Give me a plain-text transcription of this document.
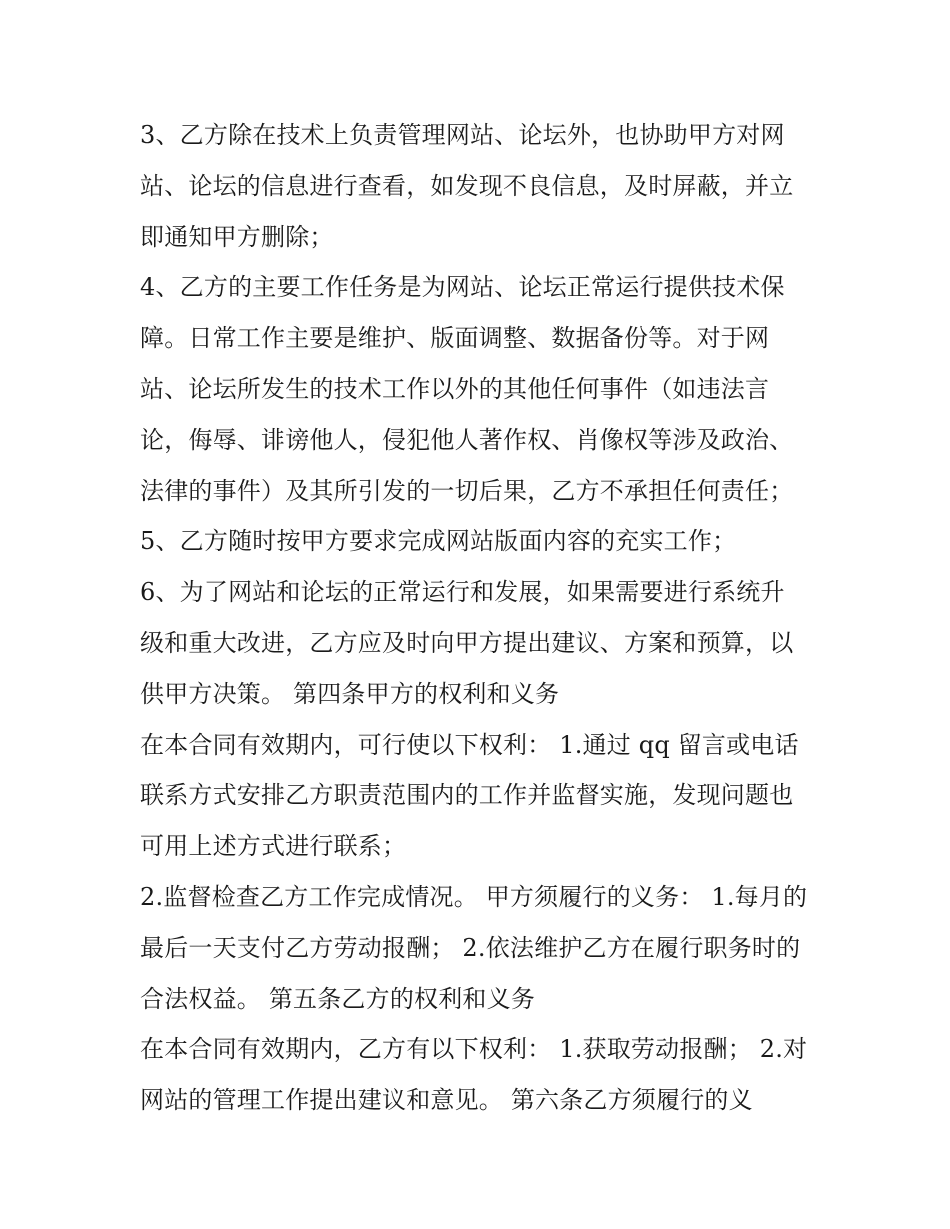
3、乙方除在技术上负责管理网站、论坛外，也协助甲方对网
站、论坛的信息进行查看，如发现不良信息，及时屏蔽，并立
即通知甲方删除；

4、乙方的主要工作任务是为网站、论坛正常运行提供技术保
障。日常工作主要是维护、版面调整、数据备份等。对于网
站、论坛所发生的技术工作以外的其他任何事件（如违法言
论，侮辱、诽谤他人，侵犯他人著作权、肖像权等涉及政治、
法律的事件）及其所引发的一切后果，乙方不承担任何责任；

5、乙方随时按甲方要求完成网站版面内容的充实工作；

6、为了网站和论坛的正常运行和发展，如果需要进行系统升
级和重大改进，乙方应及时向甲方提出建议、方案和预算，以
供甲方决策。 第四条甲方的权利和义务

在本合同有效期内，可行使以下权利： 1.通过 qq 留言或电话
联系方式安排乙方职责范围内的工作并监督实施，发现问题也
可用上述方式进行联系；

2.监督检查乙方工作完成情况。 甲方须履行的义务： 1.每月的
最后一天支付乙方劳动报酬； 2.依法维护乙方在履行职务时的
合法权益。 第五条乙方的权利和义务

在本合同有效期内，乙方有以下权利： 1.获取劳动报酬； 2.对
网站的管理工作提出建议和意见。 第六条乙方须履行的义
